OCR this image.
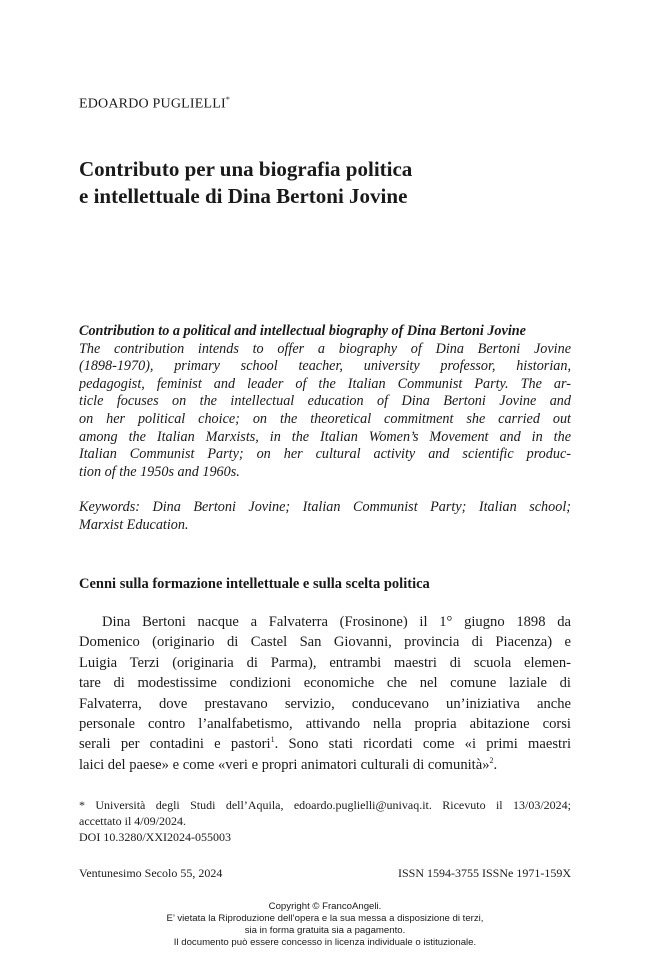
EDOARDO PUGLIELLI*
Contributo per una biografia politica
e intellettuale di Dina Bertoni Jovine
Contribution to a political and intellectual biography of Dina Bertoni Jovine
The contribution intends to offer a biography of Dina Bertoni Jovine
(1898-1970), primary school teacher, university professor, historian,
pedagogist, feminist and leader of the Italian Communist Party. The ar-
ticle focuses on the intellectual education of Dina Bertoni Jovine and
on her political choice; on the theoretical commitment she carried out
among the Italian Marxists, in the Italian Women’s Movement and in the
Italian Communist Party; on her cultural activity and scientific produc-
tion of the 1950s and 1960s.
Keywords: Dina Bertoni Jovine; Italian Communist Party; Italian school;
Marxist Education.
Cenni sulla formazione intellettuale e sulla scelta politica
Dina Bertoni nacque a Falvaterra (Frosinone) il 1° giugno 1898 da
Domenico (originario di Castel San Giovanni, provincia di Piacenza) e
Luigia Terzi (originaria di Parma), entrambi maestri di scuola elemen-
tare di modestissime condizioni economiche che nel comune laziale di
Falvaterra, dove prestavano servizio, conducevano un’iniziativa anche
personale contro l’analfabetismo, attivando nella propria abitazione corsi
serali per contadini e pastori$^1$. Sono stati ricordati come «i primi maestri
laici del paese» e come «veri e propri animatori culturali di comunità»$^2$.
* Università degli Studi dell’Aquila, edoardo.puglielli@univaq.it. Ricevuto il 13/03/2024;
accettato il 4/09/2024.
DOI 10.3280/XXI2024-055003
Ventunesimo Secolo 55, 2024	ISSN 1594-3755 ISSNe 1971-159X
Copyright © FrancoAngeli.
E’ vietata la Riproduzione dell’opera e la sua messa a disposizione di terzi,
sia in forma gratuita sia a pagamento.
Il documento può essere concesso in licenza individuale o istituzionale.
